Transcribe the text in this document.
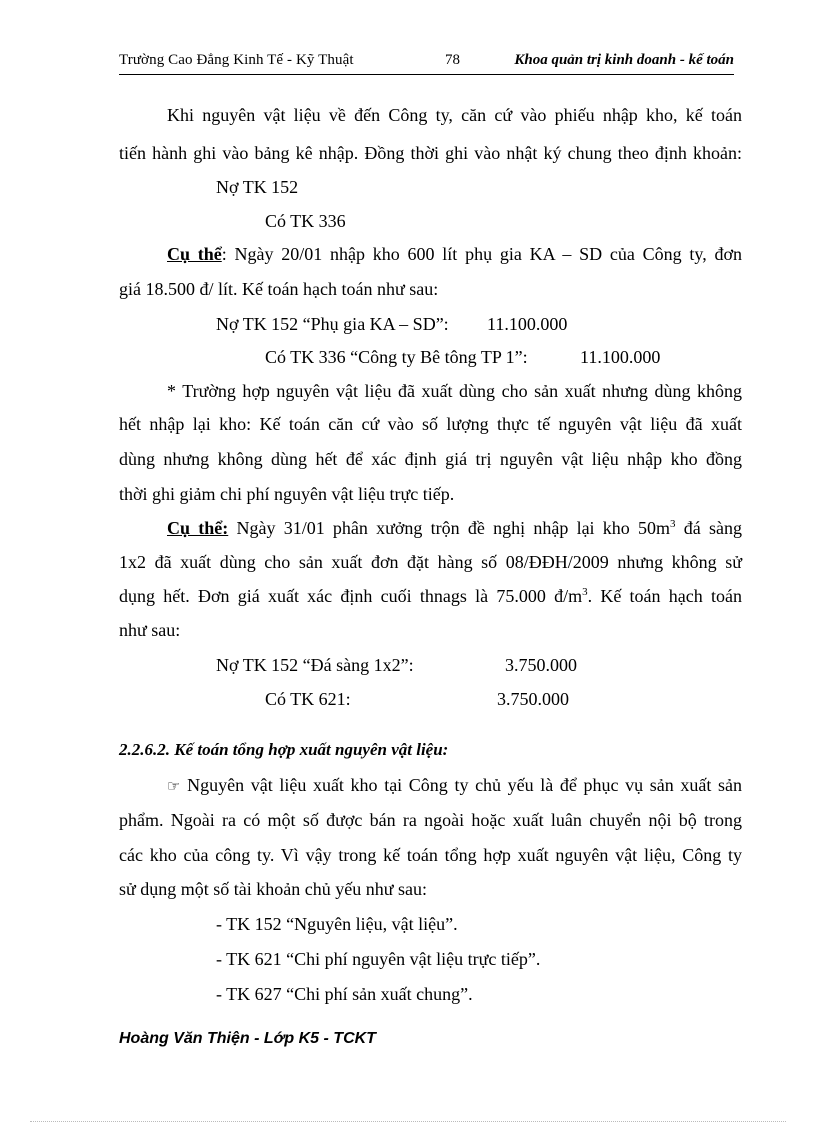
Trường Cao Đẳng Kinh Tế - Kỹ Thuật	78	Khoa quản trị kinh doanh - kế toán
Khi nguyên vật liệu về đến Công ty, căn cứ vào phiếu nhập kho, kế toán
tiến hành ghi vào bảng kê nhập. Đồng thời ghi vào nhật ký chung theo định khoản:
Nợ TK 152
Có TK 336
Cụ thể: Ngày 20/01 nhập kho 600 lít phụ gia KA – SD của Công ty, đơn
giá 18.500 đ/ lít. Kế toán hạch toán như sau:
Nợ TK 152 “Phụ gia KA – SD”: 11.100.000
Có TK 336 “Công ty Bê tông TP 1”:	11.100.000
* Trường hợp nguyên vật liệu đã xuất dùng cho sản xuất nhưng dùng không
hết nhập lại kho: Kế toán căn cứ vào số lượng thực tế nguyên vật liệu đã xuất
dùng nhưng không dùng hết để xác định giá trị nguyên vật liệu nhập kho đồng
thời ghi giảm chi phí nguyên vật liệu trực tiếp.
Cụ thể: Ngày 31/01 phân xưởng trộn đề nghị nhập lại kho $50m^3$ đá sàng
1x2 đã xuất dùng cho sản xuất đơn đặt hàng số 08/ĐĐH/2009 nhưng không sử
dụng hết. Đơn giá xuất xác định cuối thnags là 75.000 $đ/m^3$. Kế toán hạch toán
như sau:
Nợ TK 152 “Đá sàng 1x2”:	3.750.000
Có TK 621:	3.750.000
2.2.6.2. Kế toán tổng hợp xuất nguyên vật liệu:
☞ Nguyên vật liệu xuất kho tại Công ty chủ yếu là để phục vụ sản xuất sản
phẩm. Ngoài ra có một số được bán ra ngoài hoặc xuất luân chuyển nội bộ trong
các kho của công ty. Vì vậy trong kế toán tổng hợp xuất nguyên vật liệu, Công ty
sử dụng một số tài khoản chủ yếu như sau:
- TK 152 “Nguyên liệu, vật liệu”.
- TK 621 “Chi phí nguyên vật liệu trực tiếp”.
- TK 627 “Chi phí sản xuất chung”.
Hoàng Văn Thiện - Lớp K5 - TCKT
